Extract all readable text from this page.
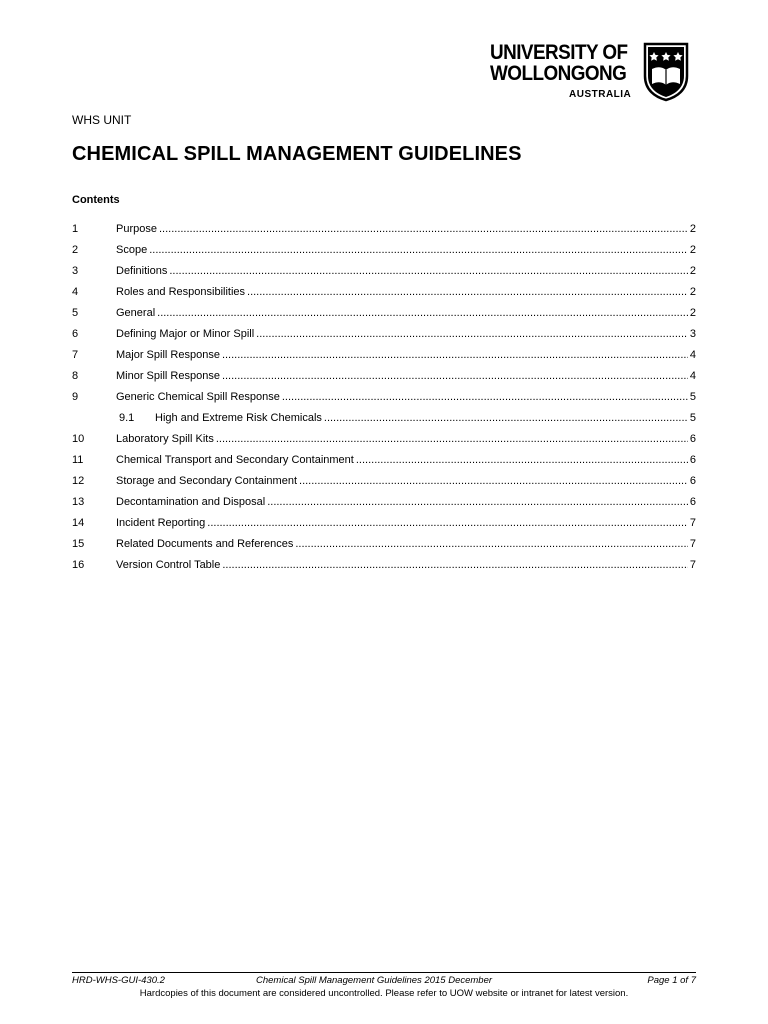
UNIVERSITY OF
WOLLONGONG
AUSTRALIA
WHS UNIT
CHEMICAL SPILL MANAGEMENT GUIDELINES
Contents
1	Purpose .....	2
2	Scope .....	2
3	Definitions .....	2
4	Roles and Responsibilities .....	2
5	General .....	2
6	Defining Major or Minor Spill .....	3
7	Major Spill Response .....	4
8	Minor Spill Response .....	4
9	Generic Chemical Spill Response .....	5
9.1 High and Extreme Risk Chemicals .....	5
10	Laboratory Spill Kits .....	6
11	Chemical Transport and Secondary Containment .....	6
12	Storage and Secondary Containment .....	6
13	Decontamination and Disposal .....	6
14	Incident Reporting .....	7
15	Related Documents and References .....	7
16	Version Control Table .....	7
HRD-WHS-GUI-430.2	Chemical Spill Management Guidelines 2015 December	Page 1 of 7
Hardcopies of this document are considered uncontrolled. Please refer to UOW website or intranet for latest version.
